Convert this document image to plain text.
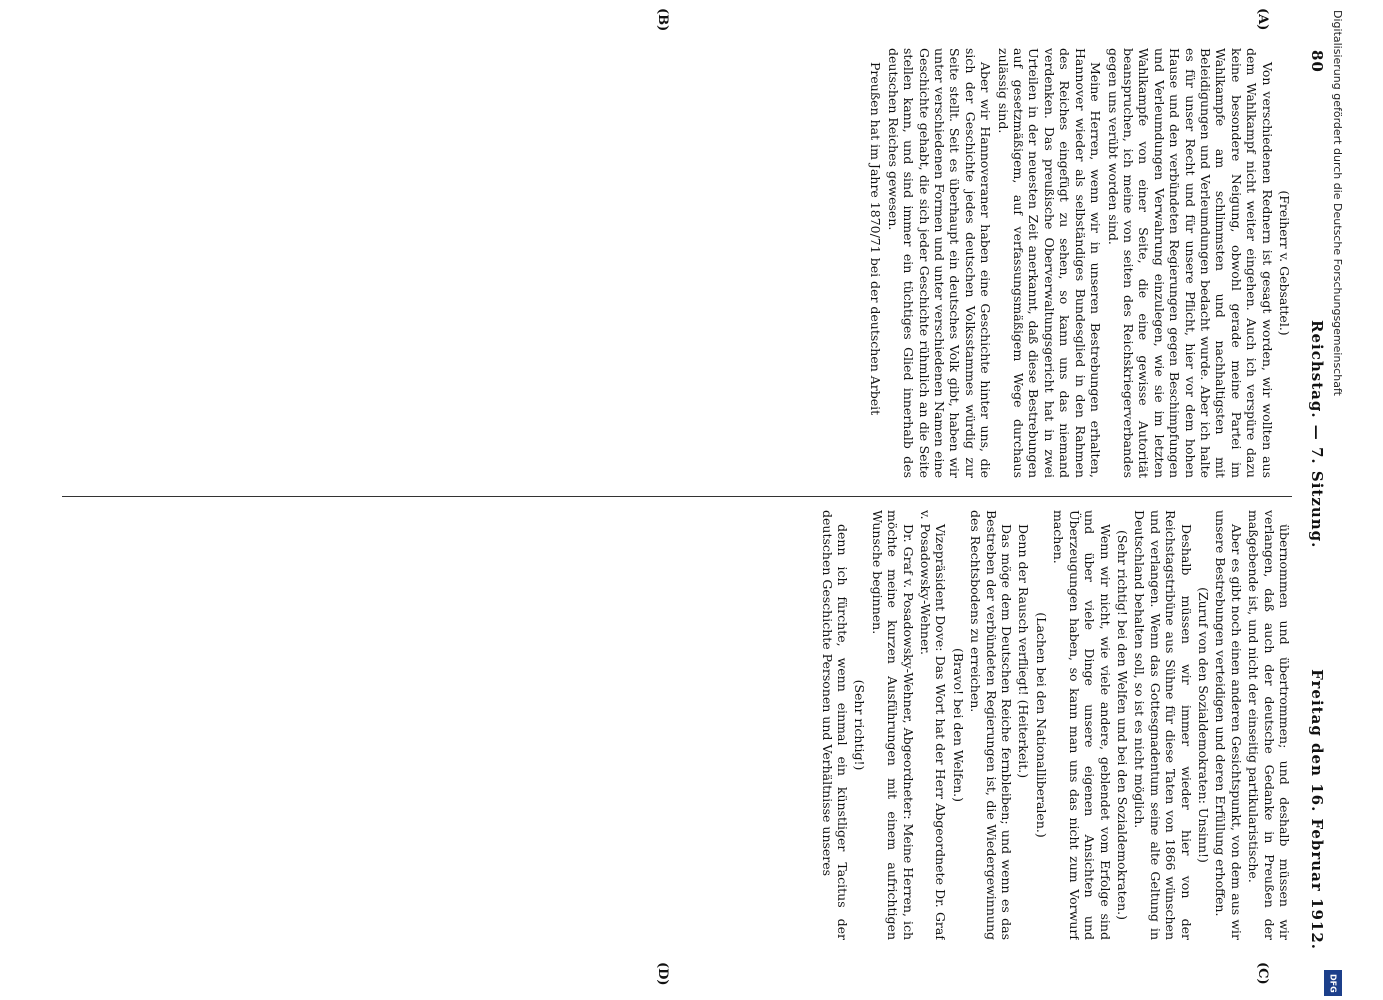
80
Reichstag. — 7. Sitzung.
Freitag den 16. Februar 1912.
(A)
(B)
(C)
(D)

(Freiherr v. Gebsattel.)

Von verschiedenen Rednern ist gesagt worden, wir wollten aus dem Wahlkampf nicht weiter eingehen. Auch ich verspüre dazu keine besondere Neigung, obwohl gerade meine Partei im Wahlkampfe am schlimmsten und nachhaltigsten mit Beleidigungen und Verleumdungen bedacht wurde. Aber ich halte es für unser Recht und für unsere Pflicht, hier vor dem hohen Hause und den verbündeten Regierungen gegen Beschimpfungen und Verleumdungen Verwahrung einzulegen, wie sie im letzten Wahlkampfe von einer Seite, die eine gewisse Autorität beanspruchen, ich meine von seiten des Reichskriegerverbandes gegen uns verübt worden sind.

Meine Herren, wenn wir in unseren Bestrebungen erhalten, Hannover wieder als selbständiges Bundesglied in den Rahmen des Reiches eingefügt zu sehen, so kann uns das niemand verdenken. Das preußische Oberverwaltungsgericht hat in zwei Urteilen in der neuesten Zeit anerkannt, daß diese Bestrebungen auf gesetzmäßigem, auf verfassungsmäßigem Wege durchaus zulässig sind.

Aber wir Hannoveraner haben eine Geschichte hinter uns, die sich der Geschichte jedes deutschen Volksstammes würdig zur Seite stellt. Seit es überhaupt ein deutsches Volk gibt, haben wir unter verschiedenen Formen und unter verschiedenen Namen eine Geschichte gehabt, die sich jeder Geschichte rühmlich an die Seite stellen kann, und sind immer ein tüchtiges Glied innerhalb des deutschen Reiches gewesen.

Preußen hat im Jahre 1870/71 bei der deutschen Arbeit

übernommen und übertrommen; und deshalb müssen wir verlangen, daß auch der deutsche Gedanke in Preußen der maßgebende ist, und nicht der einseitig partikularistische.

Aber es gibt noch einen anderen Gesichtspunkt, von dem aus wir unsere Bestrebungen verteidigen und deren Erfüllung erhoffen.

(Zuruf von den Sozialdemokraten: Unsinn!)

Deshalb müssen wir immer wieder hier von der Reichstagstribüne aus Sühne für diese Taten von 1866 wünschen und verlangen. Wenn das Gottesgnadentum seine alte Geltung in Deutschland behalten soll, so ist es nicht möglich.

(Sehr richtig! bei den Welfen und bei den Sozialdemokraten.)

Wenn wir nicht, wie viele andere, geblendet vom Erfolge sind und über viele Dinge unsere eigenen Ansichten und Überzeugungen haben, so kann man uns das nicht zum Vorwurf machen.

(Lachen bei den Nationalliberalen.)

Denn der Rausch verfliegt! (Heiterkeit.)

Das möge dem Deutschen Reiche fernbleiben; und wenn es das Bestreben der verbündeten Regierungen ist, die Wiedergewinnung des Rechtsbodens zu erreichen.

(Bravo! bei den Welfen.)

Vizepräsident Dove: Das Wort hat der Herr Abgeordnete Dr. Graf v. Posadowsky-Wehner.

Dr. Graf v. Posadowsky-Wehner, Abgeordneter: Meine Herren, ich möchte meine kurzen Ausführungen mit einem aufrichtigen Wunsche beginnen.

(Sehr richtig!)

denn ich fürchte, wenn einmal ein künstliger Tacitus der deutschen Geschichte Personen und Verhältnisse unseres

Digitalisierung gefördert durch die Deutsche Forschungsgemeinschaft
DFG
